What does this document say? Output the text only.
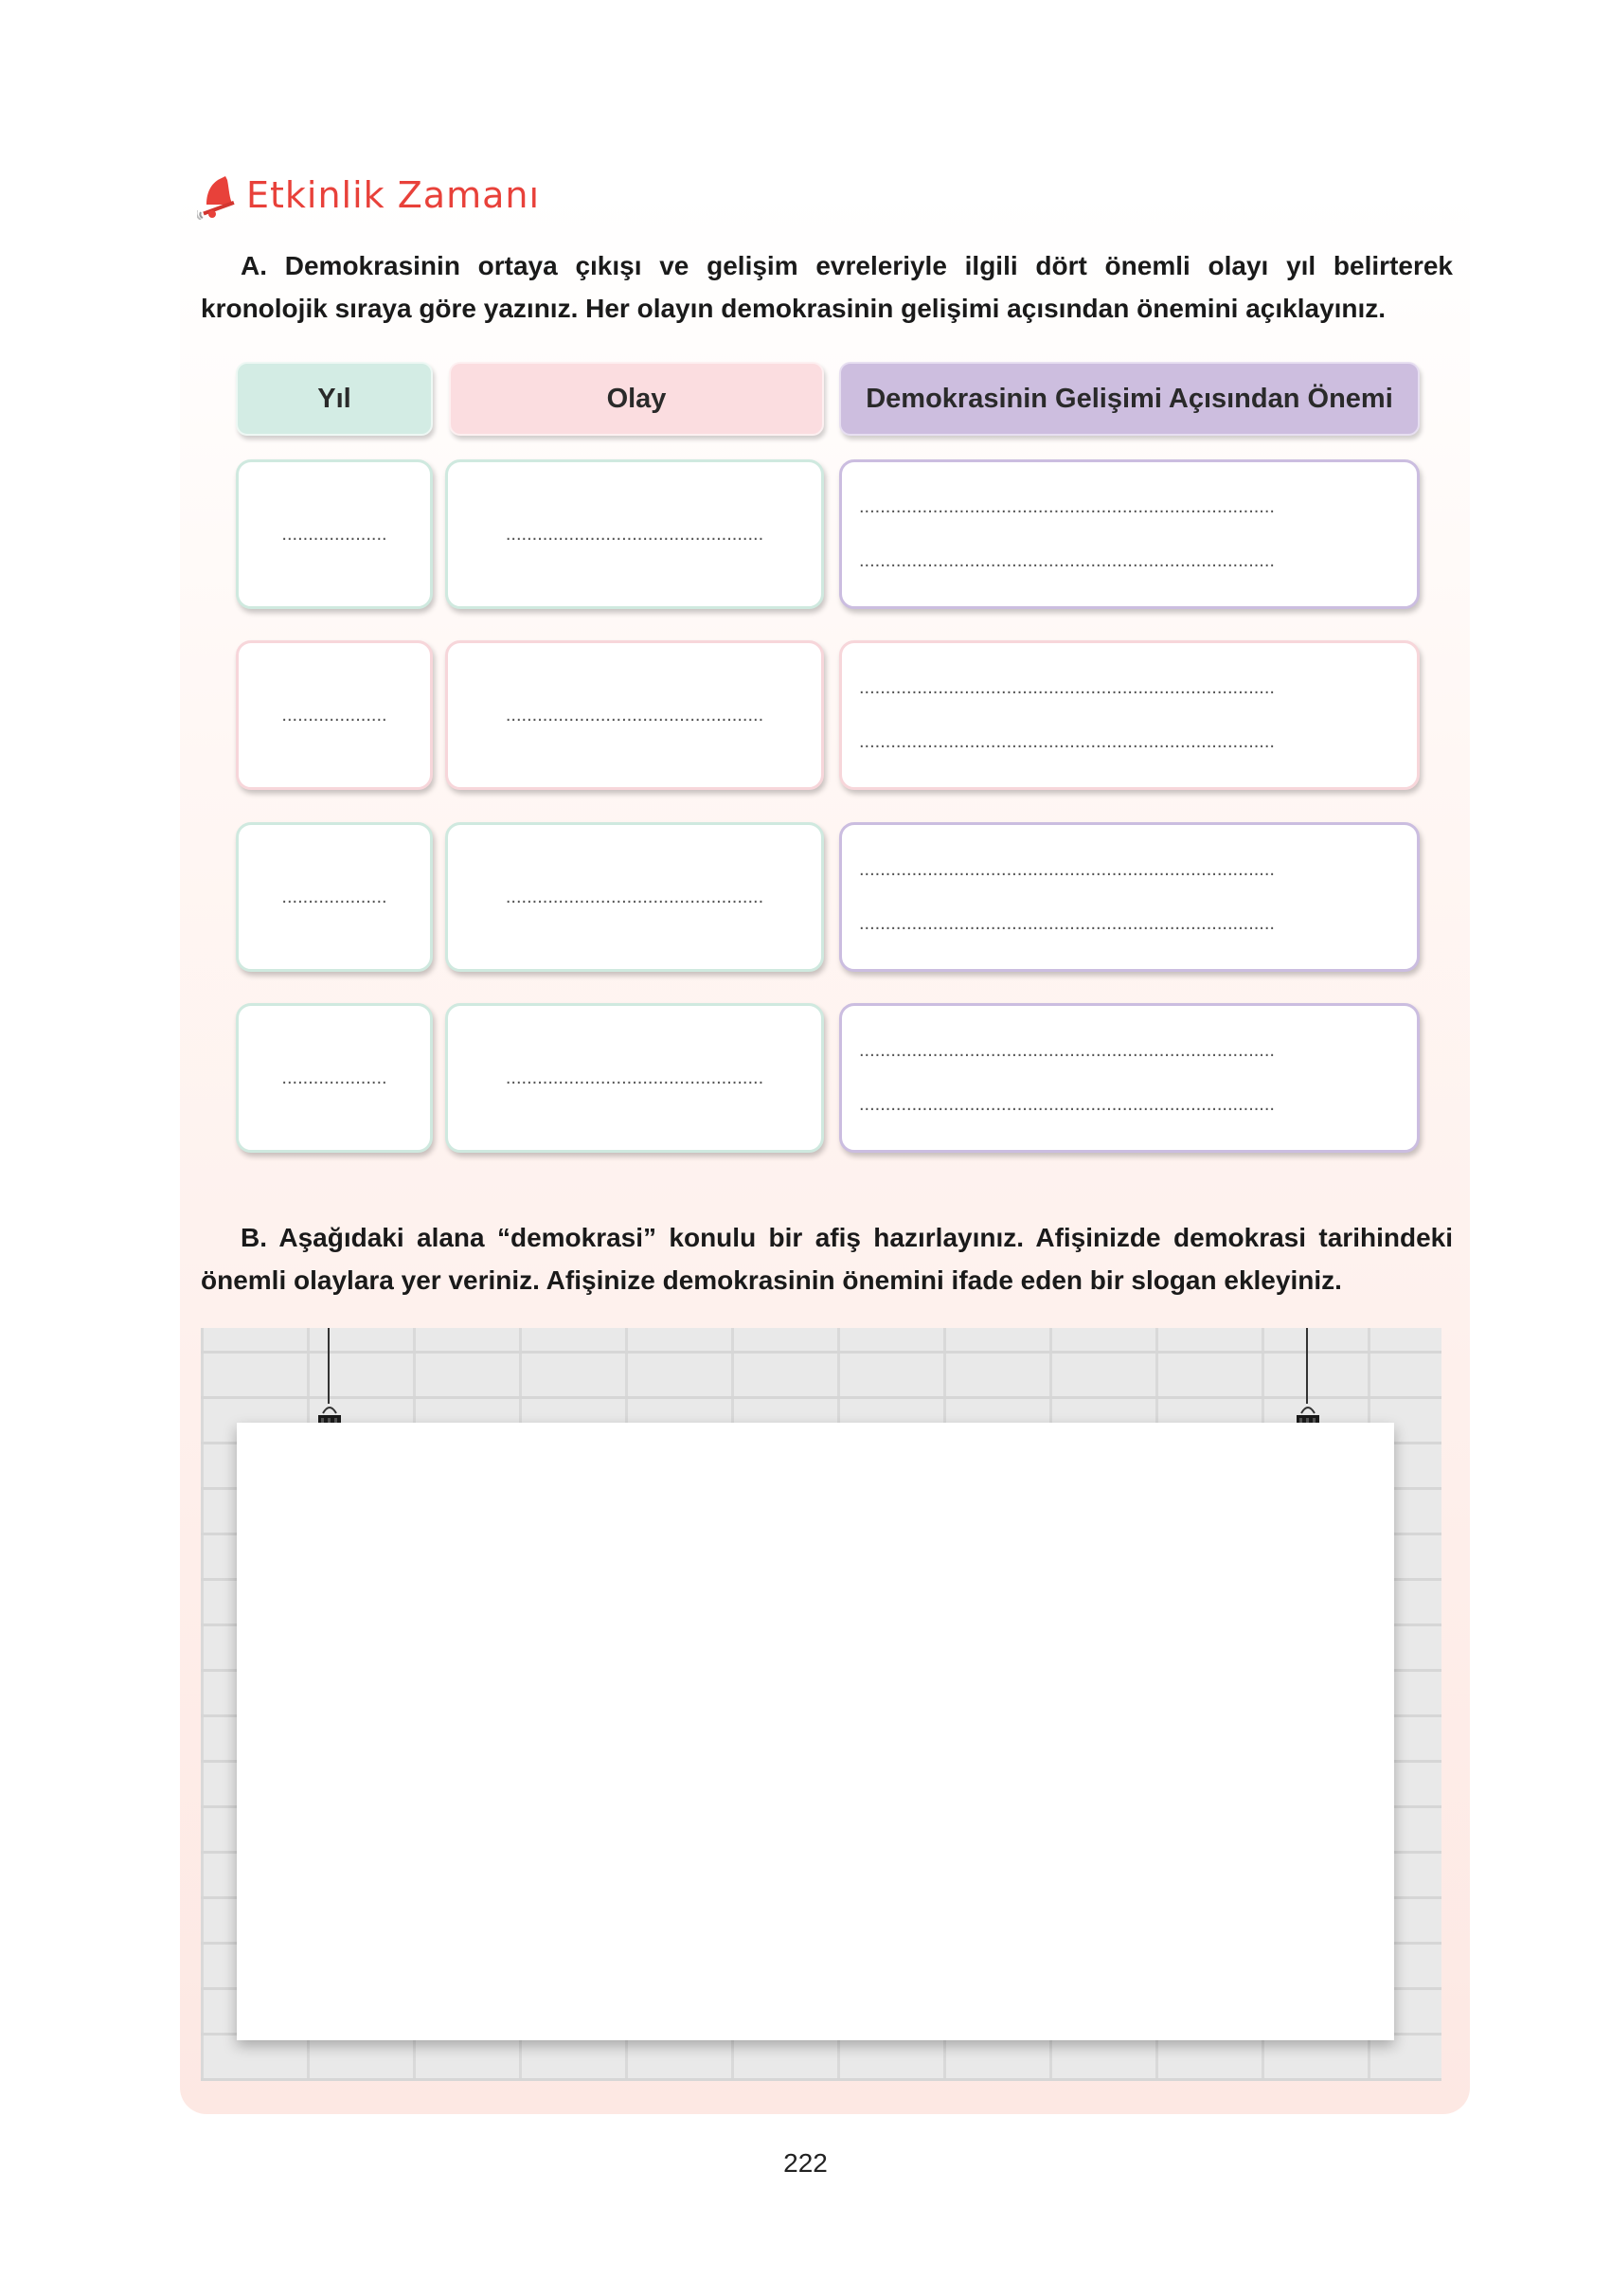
Etkinlik Zamanı
A. Demokrasinin ortaya çıkışı ve gelişim evreleriyle ilgili dört önemli olayı yıl belirterek kronolojik sıraya göre yazınız. Her olayın demokrasinin gelişimi açısından önemini açıklayınız.
Yıl	Olay	Demokrasinin Gelişimi Açısından Önemi
....................	.................................................
...............................................................................
...............................................................................
....................	.................................................
...............................................................................
...............................................................................
....................	.................................................
...............................................................................
...............................................................................
....................	.................................................
...............................................................................
...............................................................................
B. Aşağıdaki alana “demokrasi” konulu bir afiş hazırlayınız. Afişinizde demokrasi tarihindeki önemli olaylara yer veriniz. Afişinize demokrasinin önemini ifade eden bir slogan ekleyiniz.
222
